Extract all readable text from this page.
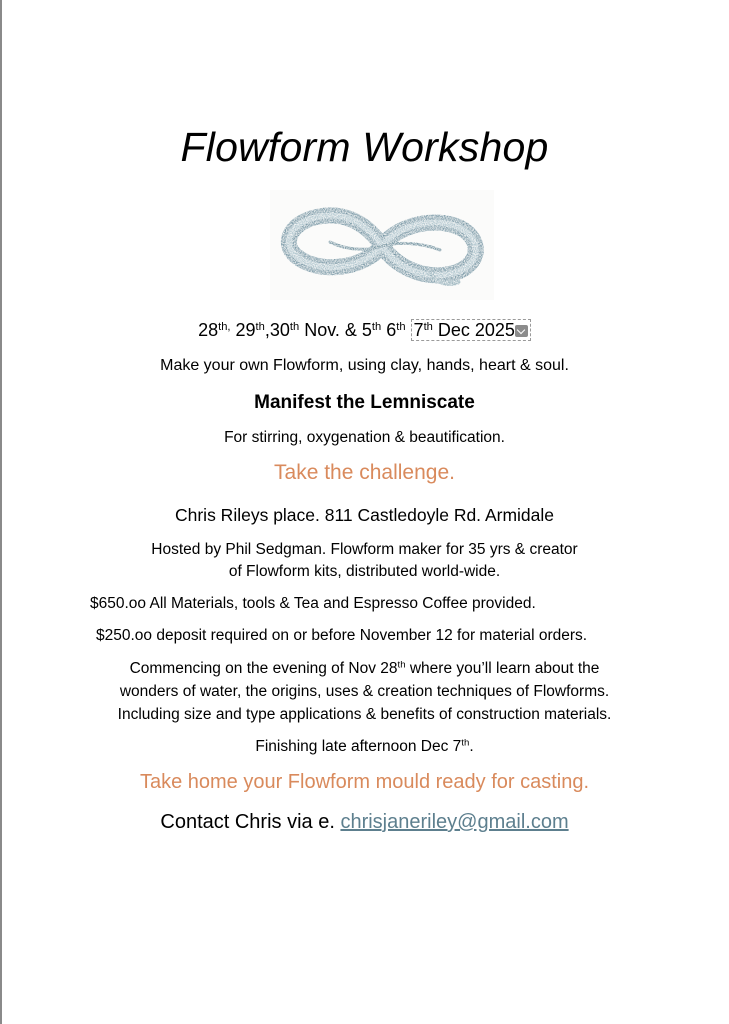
Flowform Workshop
$28^{th,}$ 29th,30th Nov. & 5th 6th 7th Dec 2025
Make your own Flowform, using clay, hands, heart & soul.
Manifest the Lemniscate
For stirring, oxygenation & beautification.
Take the challenge.
Chris Rileys place. 811 Castledoyle Rd. Armidale
Hosted by Phil Sedgman. Flowform maker for 35 yrs & creator
of Flowform kits, distributed world-wide.
$650.oo All Materials, tools & Tea and Espresso Coffee provided.
$250.oo deposit required on or before November 12 for material orders.
Commencing on the evening of Nov 28th where you’ll learn about the
wonders of water, the origins, uses & creation techniques of Flowforms.
Including size and type applications & benefits of construction materials.
Finishing late afternoon Dec 7th.
Take home your Flowform mould ready for casting.
Contact Chris via e. chrisjaneriley@gmail.com
